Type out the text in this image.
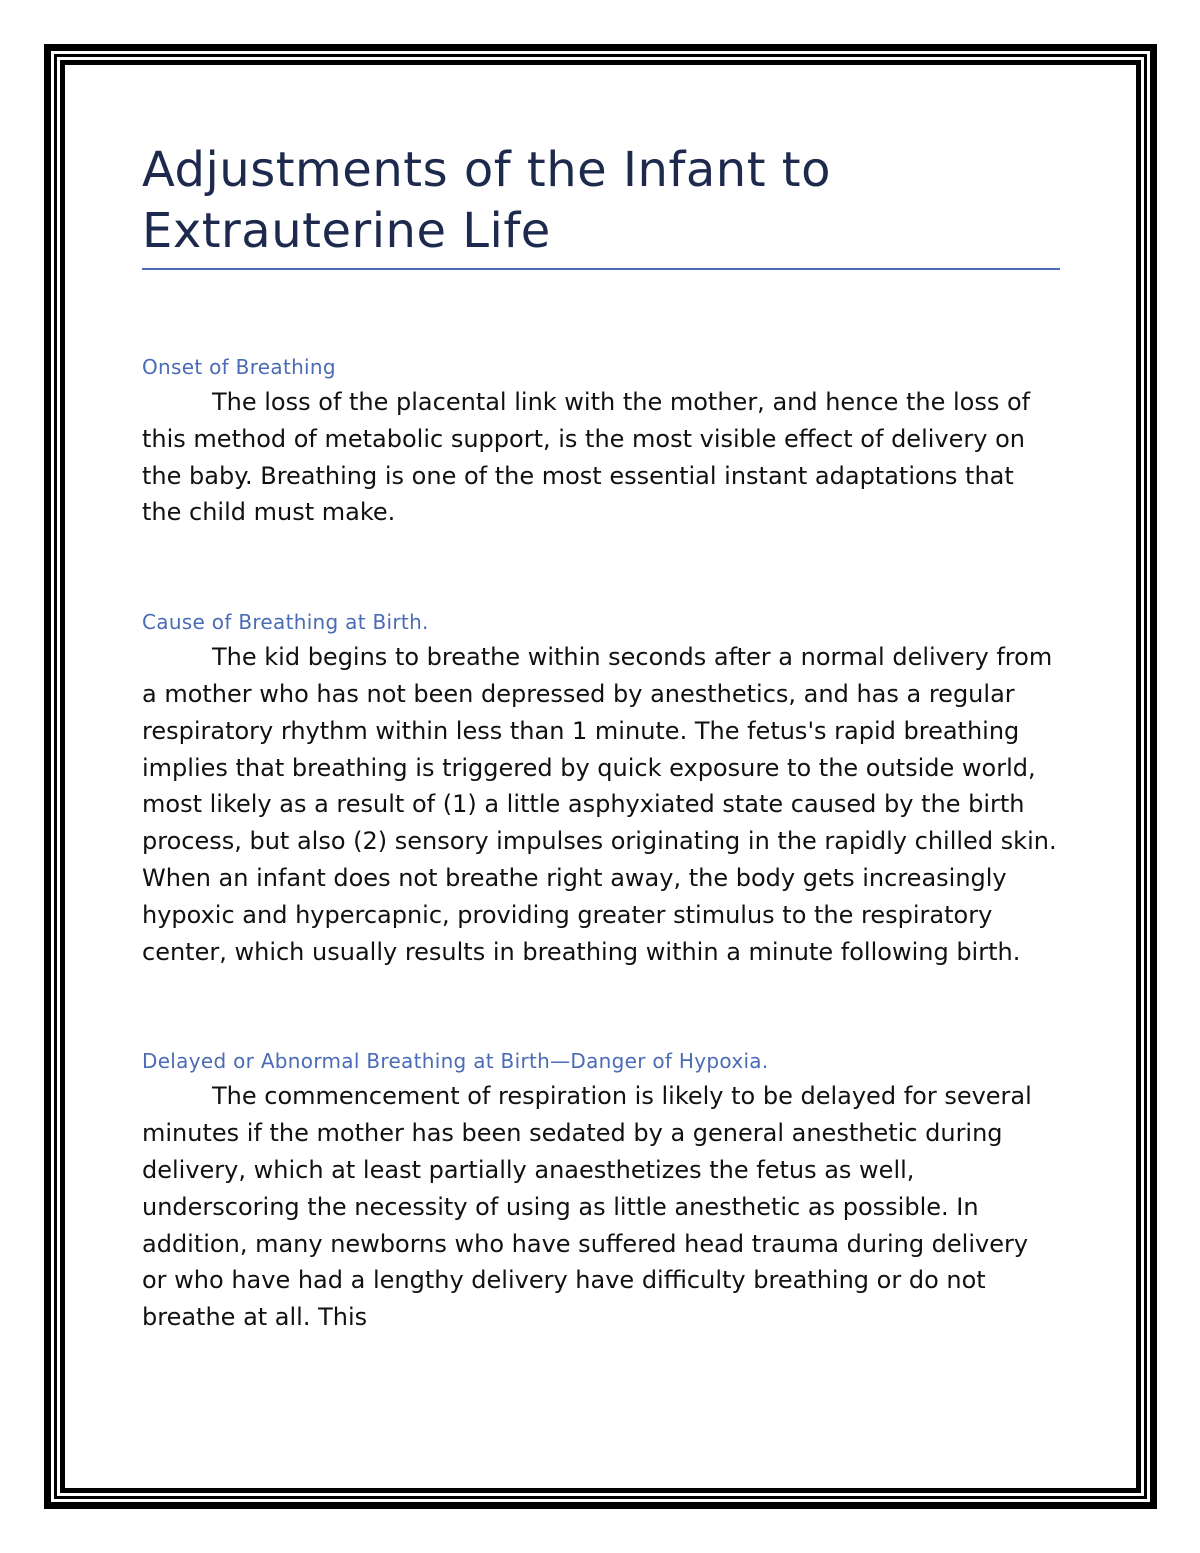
Adjustments of the Infant to
Extrauterine Life
Onset of Breathing

The loss of the placental link with the mother, and hence the loss of this method of metabolic support, is the most visible effect of delivery on the baby. Breathing is one of the most essential instant adaptations that the child must make.

Cause of Breathing at Birth.

The kid begins to breathe within seconds after a normal delivery from a mother who has not been depressed by anesthetics, and has a regular respiratory rhythm within less than 1 minute. The fetus's rapid breathing implies that breathing is triggered by quick exposure to the outside world, most likely as a result of (1) a little asphyxiated state caused by the birth process, but also (2) sensory impulses originating in the rapidly chilled skin. When an infant does not breathe right away, the body gets increasingly hypoxic and hypercapnic, providing greater stimulus to the respiratory center, which usually results in breathing within a minute following birth.

Delayed or Abnormal Breathing at Birth—Danger of Hypoxia.

The commencement of respiration is likely to be delayed for several minutes if the mother has been sedated by a general anesthetic during delivery, which at least partially anaesthetizes the fetus as well, underscoring the necessity of using as little anesthetic as possible. In addition, many newborns who have suffered head trauma during delivery or who have had a lengthy delivery have difficulty breathing or do not breathe at all. This
